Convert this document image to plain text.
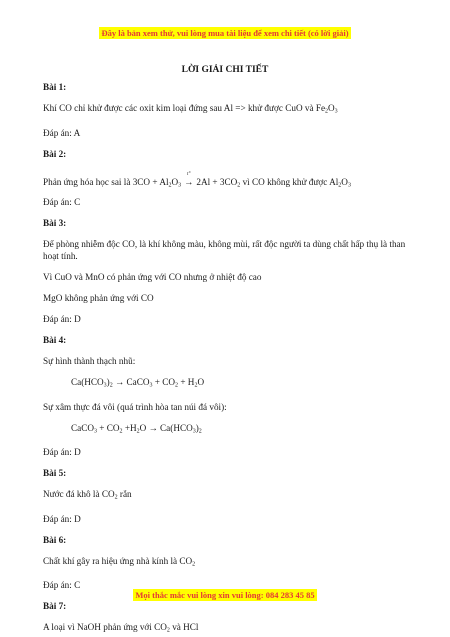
Đây là bản xem thử, vui lòng mua tài liệu để xem chi tiết (có lời giải)
LỜI GIẢI CHI TIẾT

Bài 1:

Khí CO chỉ khử được các oxit kim loại đứng sau Al => khử được CuO và $Fe_2O_3$

Đáp án: A

Bài 2:

Phản ứng hóa học sai là $3CO + Al_2O_3$
t°
→ $2Al + 3CO_2$ vì CO không khử được $Al_2O_3$

Đáp án: C

Bài 3:

Để phòng nhiễm độc CO, là khí không màu, không mùi, rất độc người ta dùng chất hấp thụ là than hoạt tính.

Vì CuO và MnO có phản ứng với CO nhưng ở nhiệt độ cao

MgO không phản ứng với CO

Đáp án: D

Bài 4:

Sự hình thành thạch nhũ:

$Ca(HCO_3)_2$ → CaCO$_3$ + $CO_2 + H_2O$

Sự xâm thực đá vôi (quá trình hòa tan núi đá vôi):

CaCO$_3$ + $CO_2 +H_2O \to Ca(HCO_3)_2$

Đáp án: D

Bài 5:

Nước đá khô là $CO_2$ rắn

Đáp án: D

Bài 6:

Chất khí gây ra hiệu ứng nhà kính là $CO_2$

Đáp án: C

Bài 7:

A loại vì NaOH phản ứng với $CO_2$ và HCl

Mọi thắc mắc vui lòng xin vui lòng: 084 283 45 85
